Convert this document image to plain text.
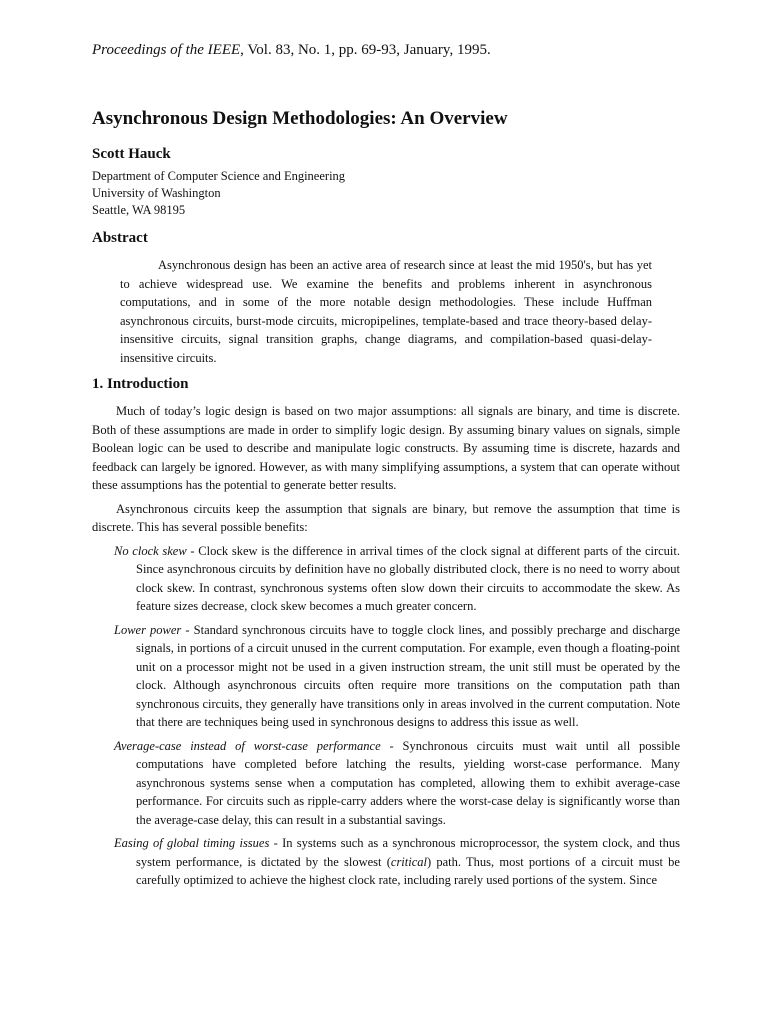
Proceedings of the IEEE, Vol. 83, No. 1, pp. 69-93, January, 1995.
Asynchronous Design Methodologies: An Overview
Scott Hauck
Department of Computer Science and Engineering
University of Washington
Seattle, WA 98195
Abstract
Asynchronous design has been an active area of research since at least the mid 1950's, but has yet to achieve widespread use. We examine the benefits and problems inherent in asynchronous computations, and in some of the more notable design methodologies. These include Huffman asynchronous circuits, burst-mode circuits, micropipelines, template-based and trace theory-based delay-insensitive circuits, signal transition graphs, change diagrams, and compilation-based quasi-delay-insensitive circuits.
1. Introduction

Much of today’s logic design is based on two major assumptions: all signals are binary, and time is discrete. Both of these assumptions are made in order to simplify logic design. By assuming binary values on signals, simple Boolean logic can be used to describe and manipulate logic constructs. By assuming time is discrete, hazards and feedback can largely be ignored. However, as with many simplifying assumptions, a system that can operate without these assumptions has the potential to generate better results.

Asynchronous circuits keep the assumption that signals are binary, but remove the assumption that time is discrete. This has several possible benefits:

No clock skew - Clock skew is the difference in arrival times of the clock signal at different parts of the circuit. Since asynchronous circuits by definition have no globally distributed clock, there is no need to worry about clock skew. In contrast, synchronous systems often slow down their circuits to accommodate the skew. As feature sizes decrease, clock skew becomes a much greater concern.
Lower power - Standard synchronous circuits have to toggle clock lines, and possibly precharge and discharge signals, in portions of a circuit unused in the current computation. For example, even though a floating-point unit on a processor might not be used in a given instruction stream, the unit still must be operated by the clock. Although asynchronous circuits often require more transitions on the computation path than synchronous circuits, they generally have transitions only in areas involved in the current computation. Note that there are techniques being used in synchronous designs to address this issue as well.
Average-case instead of worst-case performance - Synchronous circuits must wait until all possible computations have completed before latching the results, yielding worst-case performance. Many asynchronous systems sense when a computation has completed, allowing them to exhibit average-case performance. For circuits such as ripple-carry adders where the worst-case delay is significantly worse than the average-case delay, this can result in a substantial savings.
Easing of global timing issues - In systems such as a synchronous microprocessor, the system clock, and thus system performance, is dictated by the slowest (critical) path. Thus, most portions of a circuit must be carefully optimized to achieve the highest clock rate, including rarely used portions of the system. Since
